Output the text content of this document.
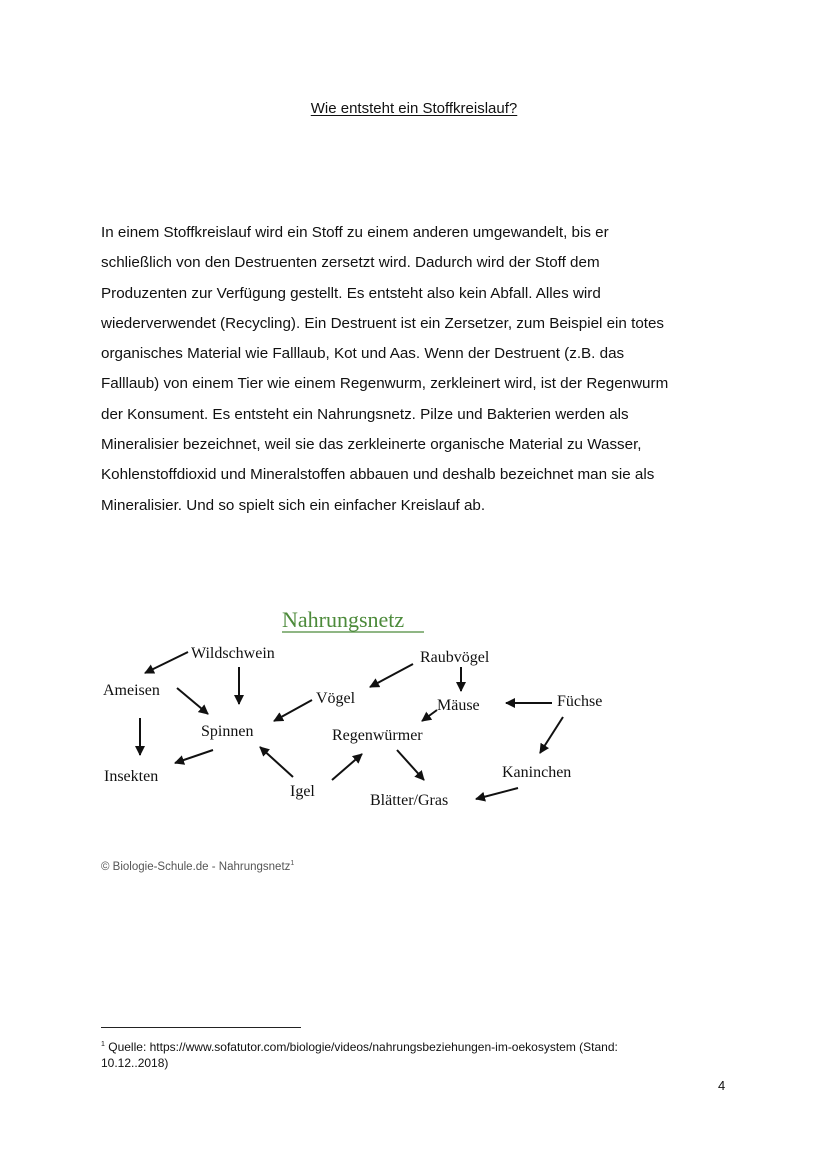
Wie entsteht ein Stoffkreislauf?

In einem Stoffkreislauf wird ein Stoff zu einem anderen umgewandelt, bis er
schließlich von den Destruenten zersetzt wird. Dadurch wird der Stoff dem
Produzenten zur Verfügung gestellt. Es entsteht also kein Abfall. Alles wird
wiederverwendet (Recycling). Ein Destruent ist ein Zersetzer, zum Beispiel ein totes
organisches Material wie Falllaub, Kot und Aas. Wenn der Destruent (z.B. das
Falllaub) von einem Tier wie einem Regenwurm, zerkleinert wird, ist der Regenwurm
der Konsument. Es entsteht ein Nahrungsnetz. Pilze und Bakterien werden als
Mineralisier bezeichnet, weil sie das zerkleinerte organische Material zu Wasser,
Kohlenstoffdioxid und Mineralstoffen abbauen und deshalb bezeichnet man sie als
Mineralisier. Und so spielt sich ein einfacher Kreislauf ab.

Nahrungsnetz
Wildschwein	Raubvögel
Ameisen	Vögel	Mäuse	Füchse
Spinnen	Regenwürmer
Insekten	Kaninchen
Igel
Blätter/Gras
© Biologie-Schule.de - Nahrungsnetz$^1$
$^1$ Quelle: https://www.sofatutor.com/biologie/videos/nahrungsbeziehungen-im-oekosystem (Stand:
10.12..2018)
4
